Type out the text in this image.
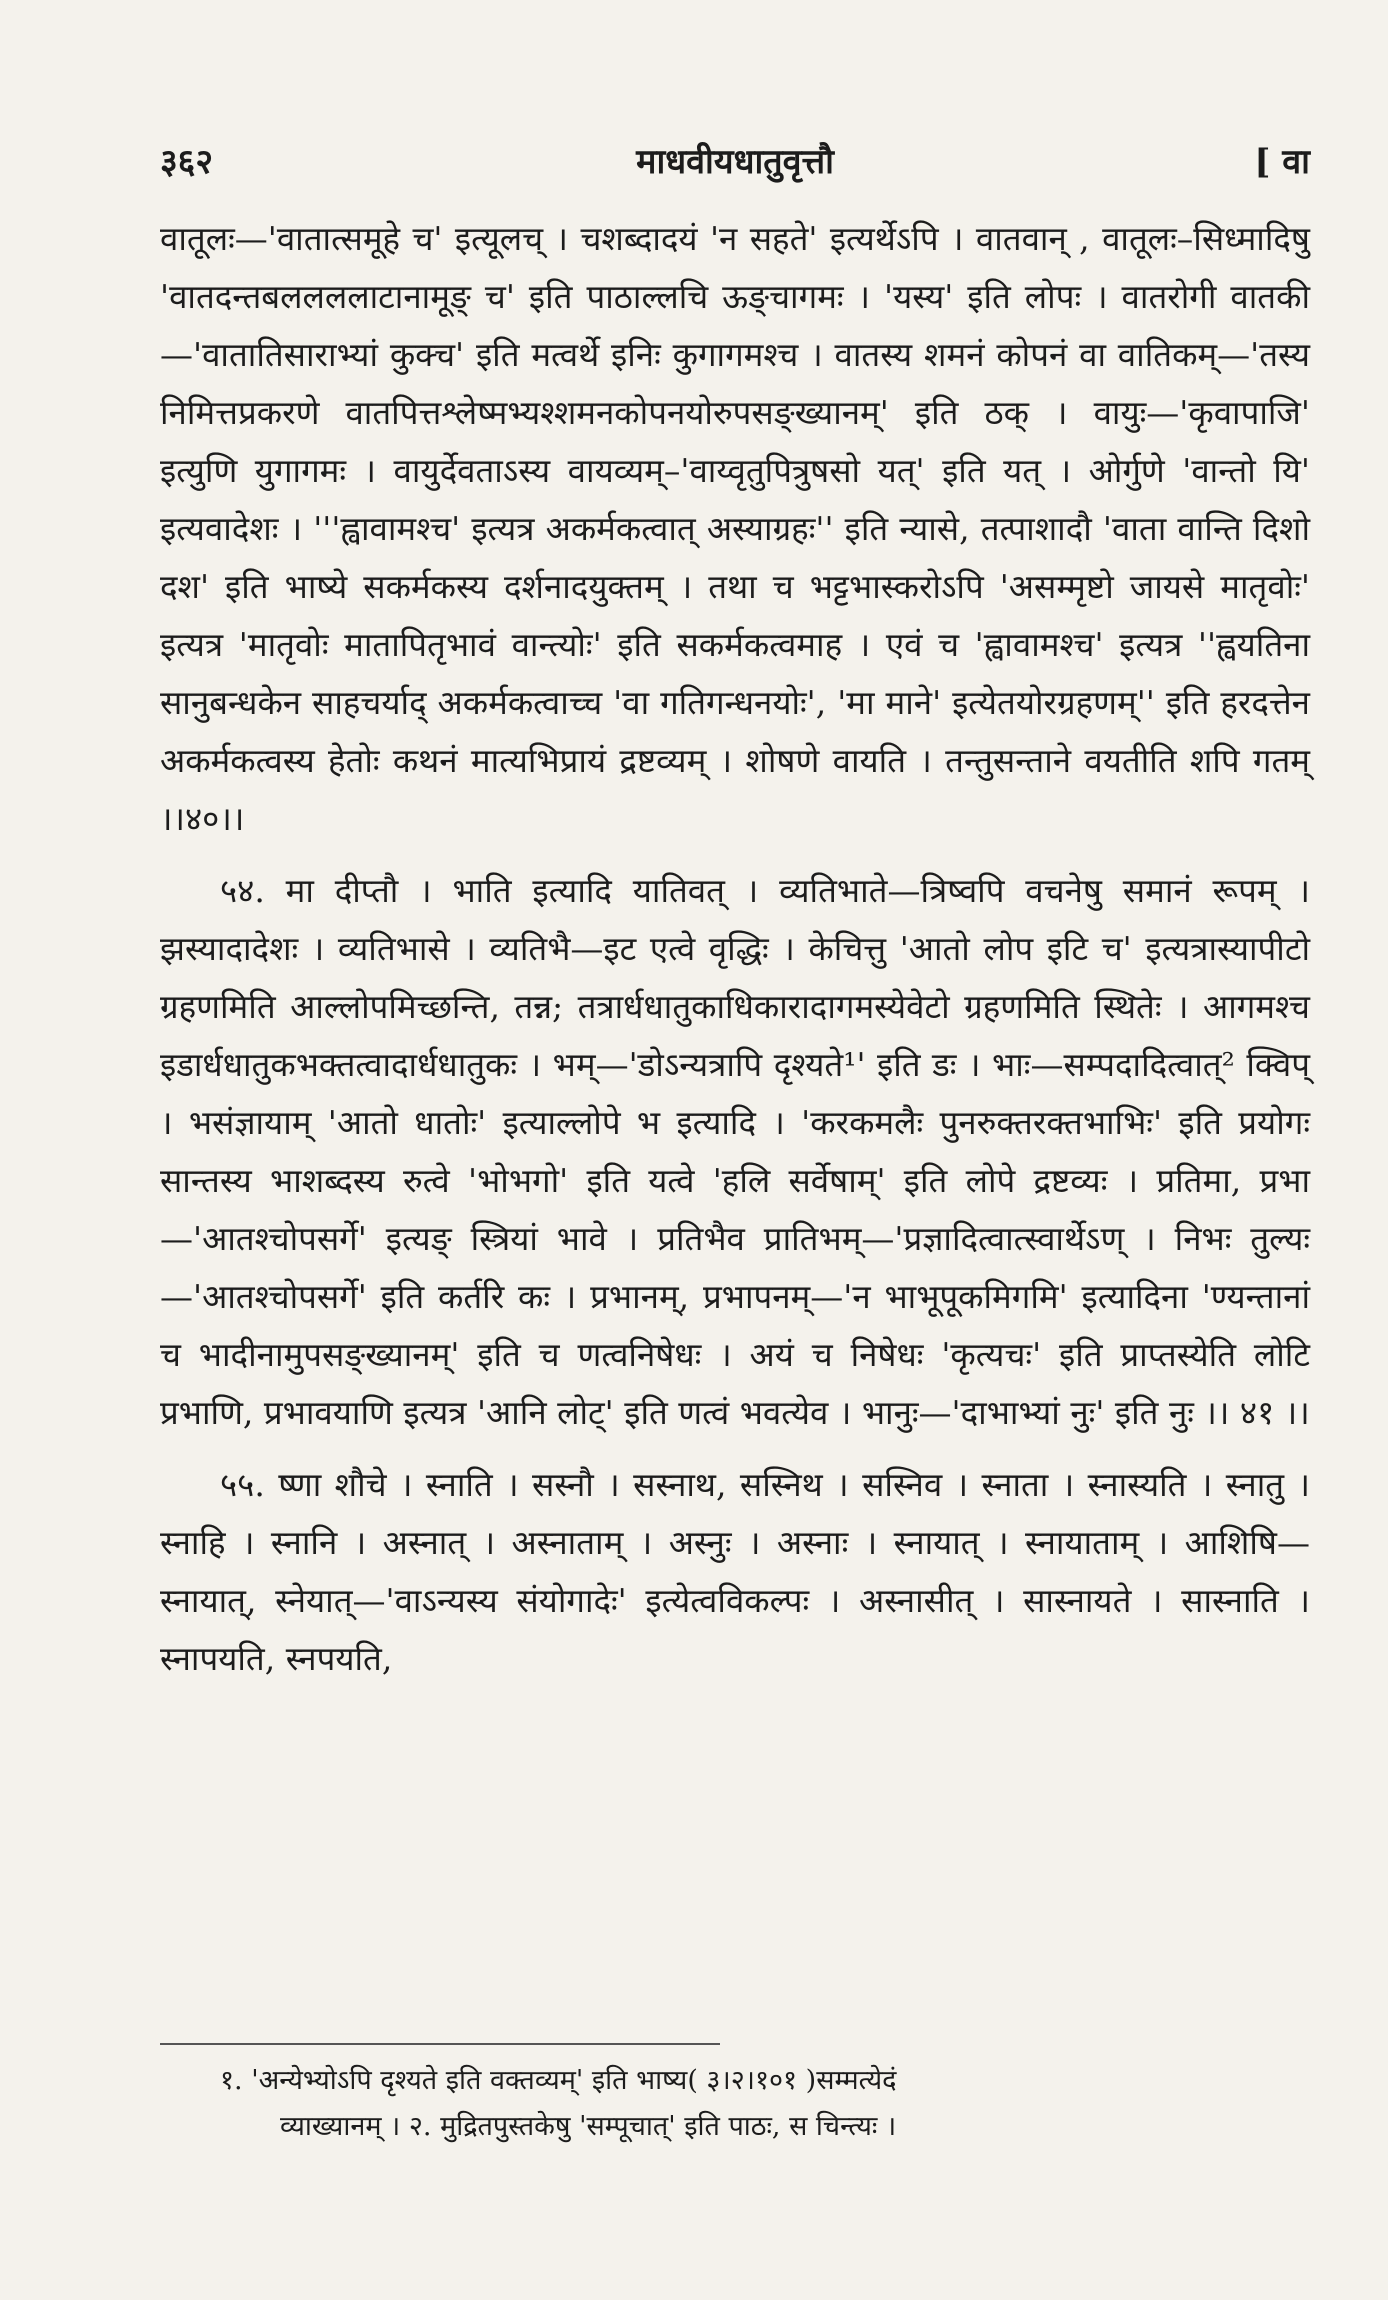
३६२	माधवीयधातुवृत्तौ	[ वा

वातूलः—'वातात्समूहे च' इत्यूलच् । चशब्दादयं 'न सहते' इत्यर्थेऽपि । वातवान् , वातूलः–सिध्मादिषु 'वातदन्तबललललाटानामूङ् च' इति पाठाल्लचि ऊङ्चागमः । 'यस्य' इति लोपः । वातरोगी वातकी—'वातातिसाराभ्यां कुक्च' इति मत्वर्थे इनिः कुगागमश्च । वातस्य शमनं कोपनं वा वातिकम्—'तस्य निमित्तप्रकरणे वातपित्तश्लेष्मभ्यश्शमनकोपनयोरुपसङ्ख्यानम्' इति ठक् । वायुः—'कृवापाजि' इत्युणि युगागमः । वायुर्देवताऽस्य वायव्यम्–'वाय्वृतुपित्रुषसो यत्' इति यत् । ओर्गुणे 'वान्तो यि' इत्यवादेशः । '''ह्वावामश्च' इत्यत्र अकर्मकत्वात् अस्याग्रहः'' इति न्यासे, तत्पाशादौ 'वाता वान्ति दिशो दश' इति भाष्ये सकर्मकस्य दर्शनादयुक्तम् । तथा च भट्टभास्करोऽपि 'असम्मृष्टो जायसे मातृवोः' इत्यत्र 'मातृवोः मातापितृभावं वान्त्योः' इति सकर्मकत्वमाह । एवं च 'ह्वावामश्च' इत्यत्र ''ह्वयतिना सानुबन्धकेन साहचर्याद् अकर्मकत्वाच्च 'वा गतिगन्धनयोः', 'मा माने' इत्येतयोरग्रहणम्'' इति हरदत्तेन अकर्मकत्वस्य हेतोः कथनं मात्यभिप्रायं द्रष्टव्यम् । शोषणे वायति । तन्तुसन्ताने वयतीति शपि गतम् ।।४०।।

५४. मा दीप्तौ । भाति इत्यादि यातिवत् । व्यतिभाते—त्रिष्वपि वचनेषु समानं रूपम् । झस्यादादेशः । व्यतिभासे । व्यतिभै—इट एत्वे वृद्धिः । केचित्तु 'आतो लोप इटि च' इत्यत्रास्यापीटो ग्रहणमिति आल्लोपमिच्छन्ति, तन्न; तत्रार्धधातुकाधिकारादागमस्येवेटो ग्रहणमिति स्थितेः । आगमश्च इडार्धधातुकभक्तत्वादार्धधातुकः । भम्—'डोऽन्यत्रापि दृश्यते¹' इति डः । भाः—सम्पदादित्वात्² क्विप् । भसंज्ञायाम् 'आतो धातोः' इत्याल्लोपे भ इत्यादि । 'करकमलैः पुनरुक्तरक्तभाभिः' इति प्रयोगः सान्तस्य भाशब्दस्य रुत्वे 'भोभगो' इति यत्वे 'हलि सर्वेषाम्' इति लोपे द्रष्टव्यः । प्रतिमा, प्रभा—'आतश्चोपसर्गे' इत्यङ् स्त्रियां भावे । प्रतिभैव प्रातिभम्—'प्रज्ञादित्वात्स्वार्थेऽण् । निभः तुल्यः—'आतश्चोपसर्गे' इति कर्तरि कः । प्रभानम्, प्रभापनम्—'न भाभूपूकमिगमि' इत्यादिना 'ण्यन्तानां च भादीनामुपसङ्ख्यानम्' इति च णत्वनिषेधः । अयं च निषेधः 'कृत्यचः' इति प्राप्तस्येति लोटि प्रभाणि, प्रभावयाणि इत्यत्र 'आनि लोट्' इति णत्वं भवत्येव । भानुः—'दाभाभ्यां नुः' इति नुः ।। ४१ ।।

५५. ष्णा शौचे । स्नाति । सस्नौ । सस्नाथ, सस्निथ । सस्निव । स्नाता । स्नास्यति । स्नातु । स्नाहि । स्नानि । अस्नात् । अस्नाताम् । अस्नुः । अस्नाः । स्नायात् । स्नायाताम् । आशिषि—स्नायात्, स्नेयात्—'वाऽन्यस्य संयोगादेः' इत्येत्वविकल्पः । अस्नासीत् । सास्नायते । सास्नाति । स्नापयति, स्नपयति,

१. 'अन्येभ्योऽपि दृश्यते इति वक्तव्यम्' इति भाष्य( ३।२।१०१ )सम्मत्येदं
व्याख्यानम् । २. मुद्रितपुस्तकेषु 'सम्पूचात्' इति पाठः, स चिन्त्यः ।
